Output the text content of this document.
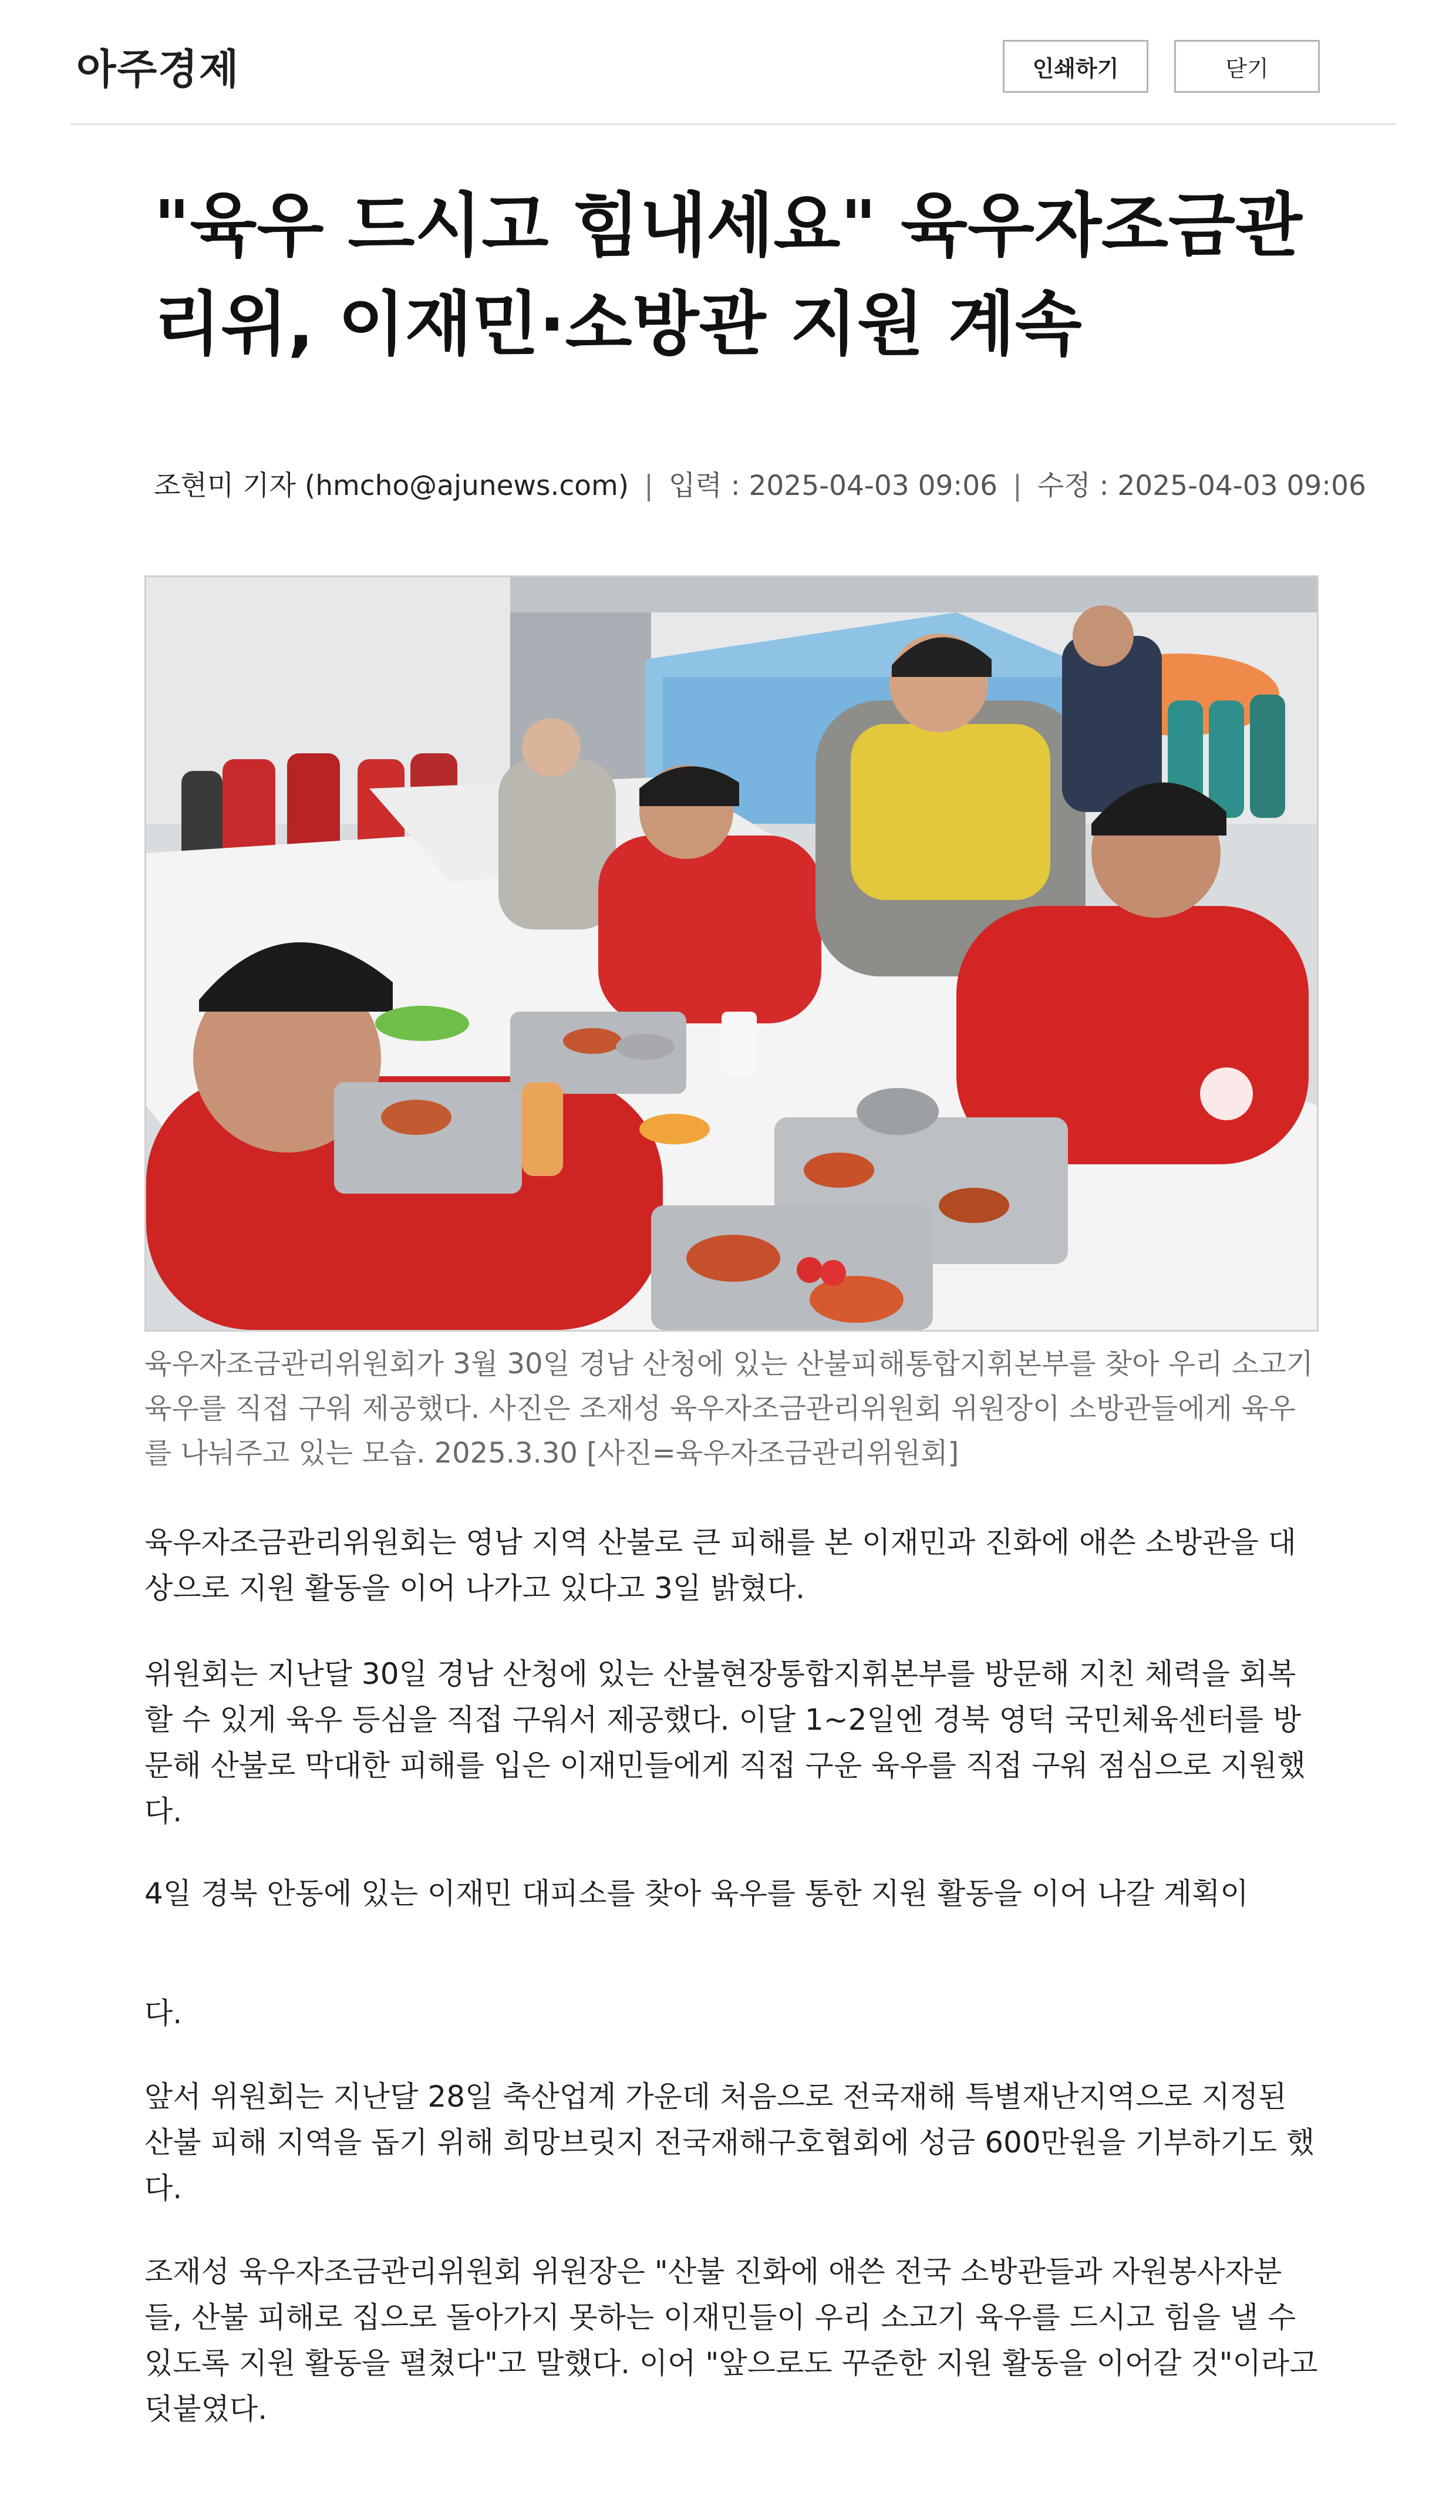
아주경제	인쇄하기	닫기
"육우 드시고 힘내세요" 육우자조금관리위, 이재민·소방관 지원 계속
조현미 기자 (hmcho@ajunews.com) | 입력 : 2025-04-03 09:06 | 수정 : 2025-04-03 09:06

육우자조금관리위원회가 3월 30일 경남 산청에 있는 산불피해통합지휘본부를 찾아 우리 소고기 육우를 직접 구워 제공했다. 사진은 조재성 육우자조금관리위원회 위원장이 소방관들에게 육우를 나눠주고 있는 모습. 2025.3.30 [사진=육우자조금관리위원회]

육우자조금관리위원회는 영남 지역 산불로 큰 피해를 본 이재민과 진화에 애쓴 소방관을 대상으로 지원 활동을 이어 나가고 있다고 3일 밝혔다.

위원회는 지난달 30일 경남 산청에 있는 산불현장통합지휘본부를 방문해 지친 체력을 회복할 수 있게 육우 등심을 직접 구워서 제공했다. 이달 1~2일엔 경북 영덕 국민체육센터를 방문해 산불로 막대한 피해를 입은 이재민들에게 직접 구운 육우를 직접 구워 점심으로 지원했다.

4일 경북 안동에 있는 이재민 대피소를 찾아 육우를 통한 지원 활동을 이어 나갈 계획이

다.

앞서 위원회는 지난달 28일 축산업계 가운데 처음으로 전국재해 특별재난지역으로 지정된 산불 피해 지역을 돕기 위해 희망브릿지 전국재해구호협회에 성금 600만원을 기부하기도 했다.

조재성 육우자조금관리위원회 위원장은 "산불 진화에 애쓴 전국 소방관들과 자원봉사자분들, 산불 피해로 집으로 돌아가지 못하는 이재민들이 우리 소고기 육우를 드시고 힘을 낼 수 있도록 지원 활동을 펼쳤다"고 말했다. 이어 "앞으로도 꾸준한 지원 활동을 이어갈 것"이라고 덧붙였다.
